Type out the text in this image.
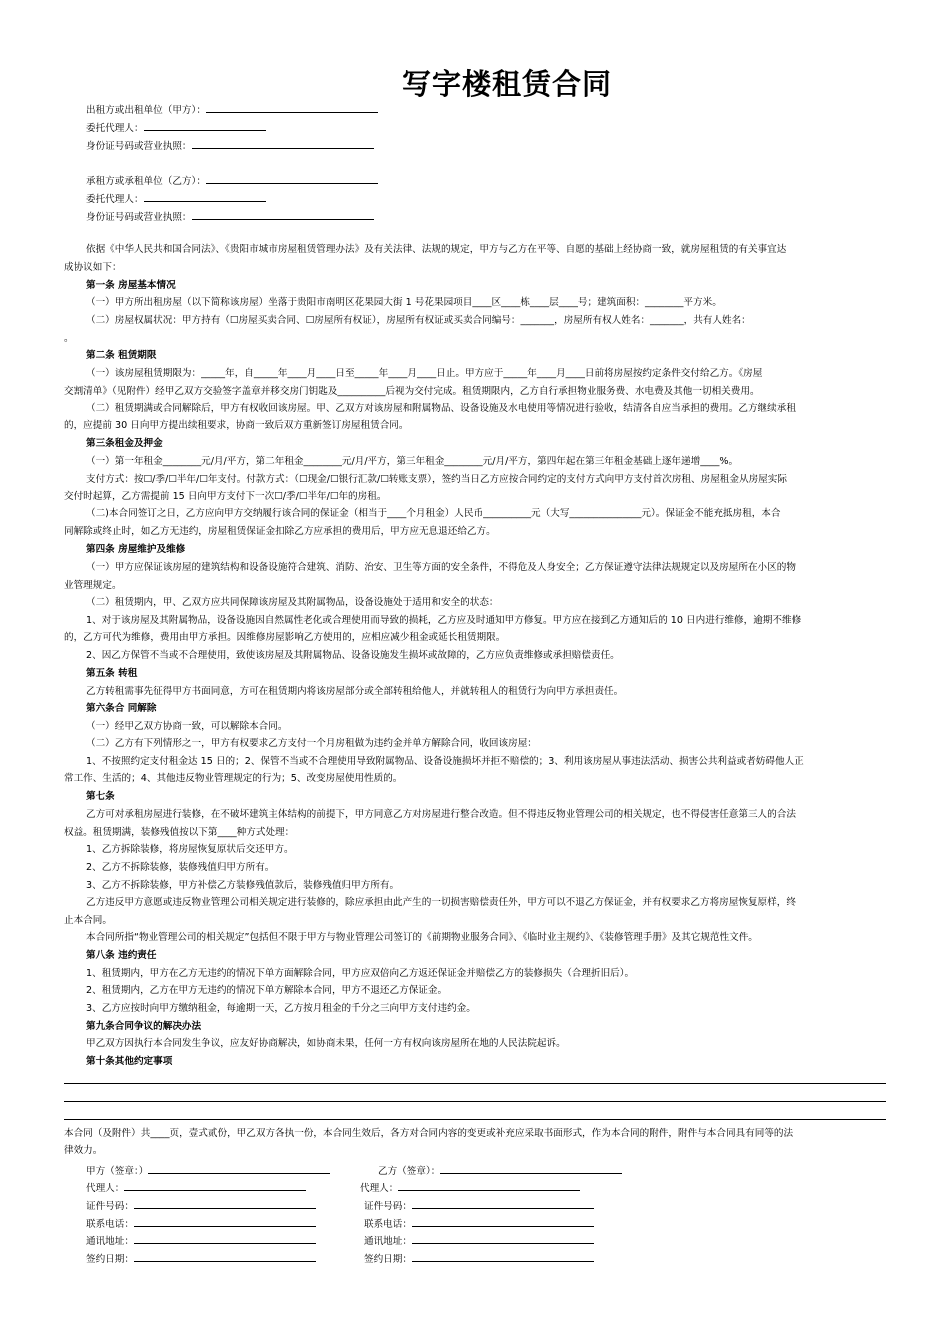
写字楼租赁合同
出租方或出租单位（甲方）：
委托代理人：
身份证号码或营业执照：
承租方或承租单位（乙方）：
委托代理人：
身份证号码或营业执照：
依据《中华人民共和国合同法》、《贵阳市城市房屋租赁管理办法》及有关法律、法规的规定，甲方与乙方在平等、自愿的基础上经协商一致，就房屋租赁的有关事宜达
成协议如下：
第一条 房屋基本情况
（一）甲方所出租房屋（以下简称该房屋）坐落于贵阳市南明区花果园大街 1 号花果园项目____区____栋____层____号；建筑面积：________平方米。
（二）房屋权属状况：甲方持有（☐房屋买卖合同、☐房屋所有权证），房屋所有权证或买卖合同编号：_______，房屋所有权人姓名：_______，共有人姓名：
。
第二条 租赁期限
（一）该房屋租赁期限为：_____年，自_____年____月____日至_____年____月____日止。甲方应于_____年____月____日前将房屋按约定条件交付给乙方。《房屋
交割清单》（见附件）经甲乙双方交验签字盖章并移交房门钥匙及__________后视为交付完成。租赁期限内，乙方自行承担物业服务费、水电费及其他一切相关费用。
（二）租赁期满或合同解除后，甲方有权收回该房屋。甲、乙双方对该房屋和附属物品、设备设施及水电使用等情况进行验收，结清各自应当承担的费用。乙方继续承租
的，应提前 30 日向甲方提出续租要求，协商一致后双方重新签订房屋租赁合同。
第三条租金及押金
（一）第一年租金________元/月/平方，第二年租金________元/月/平方，第三年租金________元/月/平方，第四年起在第三年租金基础上逐年递增____%。
支付方式：按☐/季/☐半年/☐年支付。付款方式：（☐现金/☐银行汇款/☐转账支票），签约当日乙方应按合同约定的支付方式向甲方支付首次房租、房屋租金从房屋实际
交付时起算，乙方需提前 15 日向甲方支付下一次☐/季/☐半年/☐年的房租。
（二)本合同签订之日，乙方应向甲方交纳履行该合同的保证金（相当于____个月租金）人民币__________元（大写_______________元）。保证金不能充抵房租，本合
同解除或终止时，如乙方无违约，房屋租赁保证金扣除乙方应承担的费用后，甲方应无息退还给乙方。
第四条 房屋维护及维修
（一）甲方应保证该房屋的建筑结构和设备设施符合建筑、消防、治安、卫生等方面的安全条件，不得危及人身安全；乙方保证遵守法律法规规定以及房屋所在小区的物
业管理规定。
（二）租赁期内，甲、乙双方应共同保障该房屋及其附属物品，设备设施处于适用和安全的状态：
1、对于该房屋及其附属物品，设备设施因自然属性老化或合理使用而导致的损耗，乙方应及时通知甲方修复。甲方应在接到乙方通知后的 10 日内进行维修，逾期不维修
的，乙方可代为维修，费用由甲方承担。因维修房屋影响乙方使用的，应相应减少租金或延长租赁期限。
2、因乙方保管不当或不合理使用，致使该房屋及其附属物品、设备设施发生损坏或故障的，乙方应负责维修或承担赔偿责任。
第五条 转租
乙方转租需事先征得甲方书面同意，方可在租赁期内将该房屋部分或全部转租给他人，并就转租人的租赁行为向甲方承担责任。
第六条合 同解除
（一）经甲乙双方协商一致，可以解除本合同。
（二）乙方有下列情形之一，甲方有权要求乙方支付一个月房租做为违约金并单方解除合同，收回该房屋：
1、不按照约定支付租金达 15 日的；2、保管不当或不合理使用导致附属物品、设备设施损坏并拒不赔偿的；3、利用该房屋从事违法活动、损害公共利益或者妨碍他人正
常工作、生活的；4、其他违反物业管理规定的行为；5、改变房屋使用性质的。
第七条
乙方可对承租房屋进行装修，在不破坏建筑主体结构的前提下，甲方同意乙方对房屋进行整合改造。但不得违反物业管理公司的相关规定，也不得侵害任意第三人的合法
权益。租赁期满，装修残值按以下第____种方式处理：
1、乙方拆除装修，将房屋恢复原状后交还甲方。
2、乙方不拆除装修，装修残值归甲方所有。
3、乙方不拆除装修，甲方补偿乙方装修残值款后，装修残值归甲方所有。
乙方违反甲方意愿或违反物业管理公司相关规定进行装修的，除应承担由此产生的一切损害赔偿责任外，甲方可以不退乙方保证金，并有权要求乙方将房屋恢复原样，终
止本合同。
本合同所指“物业管理公司的相关规定”包括但不限于甲方与物业管理公司签订的《前期物业服务合同》、《临时业主规约》、《装修管理手册》及其它规范性文件。
第八条 违约责任
1、租赁期内，甲方在乙方无违约的情况下单方面解除合同，甲方应双倍向乙方返还保证金并赔偿乙方的装修损失（合理折旧后）。
2、租赁期内，乙方在甲方无违约的情况下单方解除本合同，甲方不退还乙方保证金。
3、乙方应按时向甲方缴纳租金，每逾期一天，乙方按月租金的千分之三向甲方支付违约金。
第九条合同争议的解决办法
甲乙双方因执行本合同发生争议，应友好协商解决，如协商未果，任何一方有权向该房屋所在地的人民法院起诉。
第十条其他约定事项
本合同（及附件）共____页，壹式贰份，甲乙双方各执一份，本合同生效后，各方对合同内容的变更或补充应采取书面形式，作为本合同的附件，附件与本合同具有同等的法
律效力。
甲方（签章：）
代理人：
证件号码：
联系电话：
通讯地址：
签约日期：
乙方（签章）：
代理人：
证件号码：
联系电话：
通讯地址：
签约日期：
